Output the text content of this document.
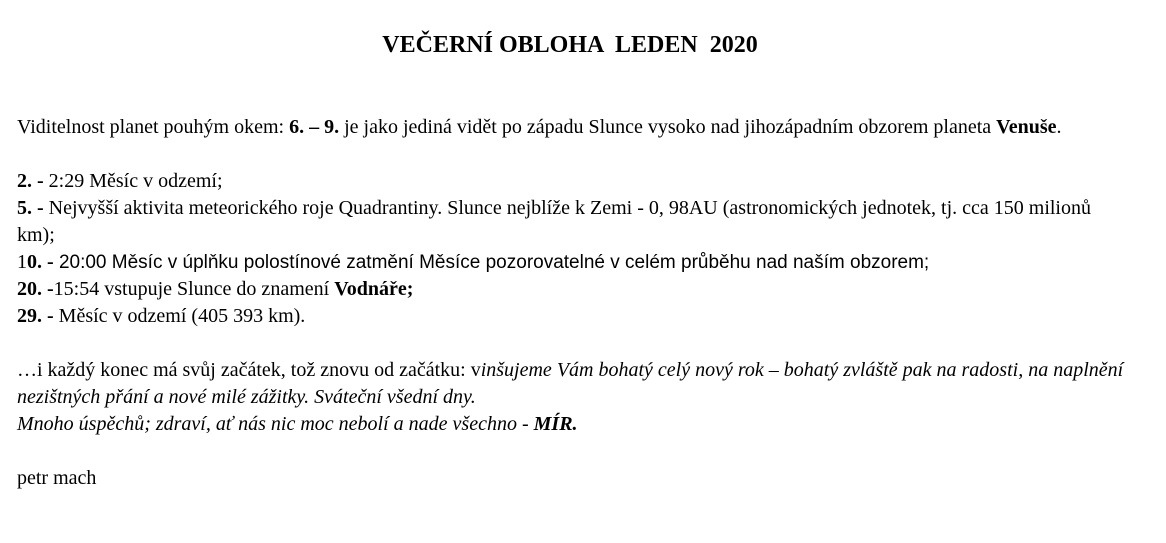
VEČERNÍ OBLOHA  LEDEN  2020

Viditelnost planet pouhým okem: 6. – 9. je jako jediná vidět po západu Slunce vysoko nad jihozápadním obzorem planeta Venuše.

2. - 2:29 Měsíc v odzemí;

5. - Nejvyšší aktivita meteorického roje Quadrantiny. Slunce nejblíže k Zemi - 0, 98AU (astronomických jednotek, tj. cca 150 milionů km);

10. - 20:00 Měsíc v úplňku polostínové zatmění Měsíce pozorovatelné v celém průběhu nad naším obzorem;

20. -15:54 vstupuje Slunce do znamení Vodnáře;

29. - Měsíc v odzemí (405 393 km).

…i každý konec má svůj začátek, tož znovu od začátku: vinšujeme Vám bohatý celý nový rok – bohatý zvláště pak na radosti, na naplnění nezištných přání a nové milé zážitky. Sváteční všední dny.
Mnoho úspěchů; zdraví, ať nás nic moc nebolí a nade všechno - MÍR.

petr mach
